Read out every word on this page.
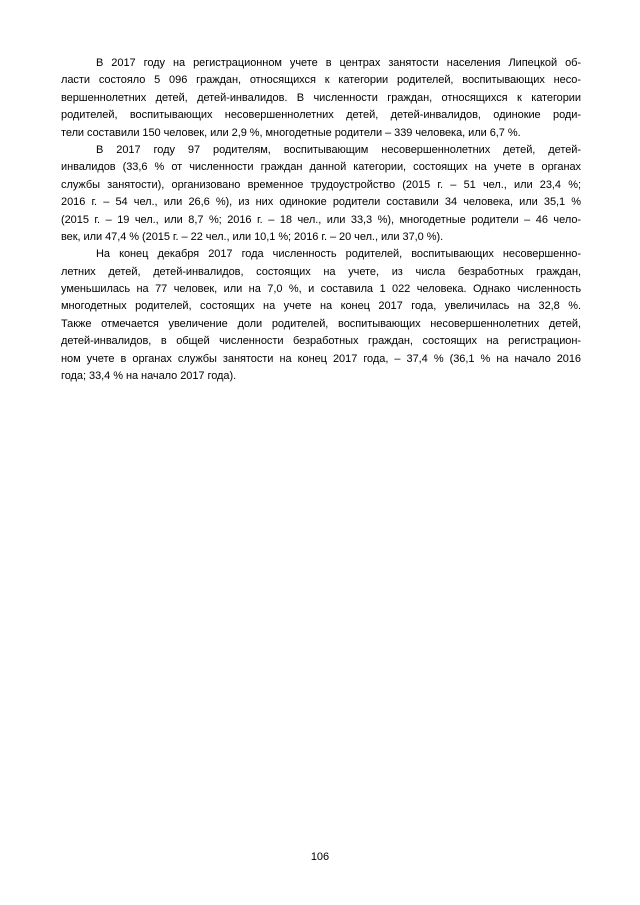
В 2017 году на регистрационном учете в центрах занятости населения Липецкой об-
ласти состояло 5 096 граждан, относящихся к категории родителей, воспитывающих несо-
вершеннолетних детей, детей-инвалидов. В численности граждан, относящихся к категории
родителей, воспитывающих несовершеннолетних детей, детей-инвалидов, одинокие роди-
тели составили 150 человек, или 2,9 %, многодетные родители – 339 человека, или 6,7 %.
В 2017 году 97 родителям, воспитывающим несовершеннолетних детей, детей-
инвалидов (33,6 % от численности граждан данной категории, состоящих на учете в органах
службы занятости), организовано временное трудоустройство (2015 г. – 51 чел., или 23,4 %;
2016 г. – 54 чел., или 26,6 %), из них одинокие родители составили 34 человека, или 35,1 %
(2015 г. – 19 чел., или 8,7 %; 2016 г. – 18 чел., или 33,3 %), многодетные родители – 46 чело-
век, или 47,4 % (2015 г. – 22 чел., или 10,1 %; 2016 г. – 20 чел., или 37,0 %).
На конец декабря 2017 года численность родителей, воспитывающих несовершенно-
летних детей, детей-инвалидов, состоящих на учете, из числа безработных граждан,
уменьшилась на 77 человек, или на 7,0 %, и составила 1 022 человека. Однако численность
многодетных родителей, состоящих на учете на конец 2017 года, увеличилась на 32,8 %.
Также отмечается увеличение доли родителей, воспитывающих несовершеннолетних детей,
детей-инвалидов, в общей численности безработных граждан, состоящих на регистрацион-
ном учете в органах службы занятости на конец 2017 года, – 37,4 % (36,1 % на начало 2016
года; 33,4 % на начало 2017 года).
106
